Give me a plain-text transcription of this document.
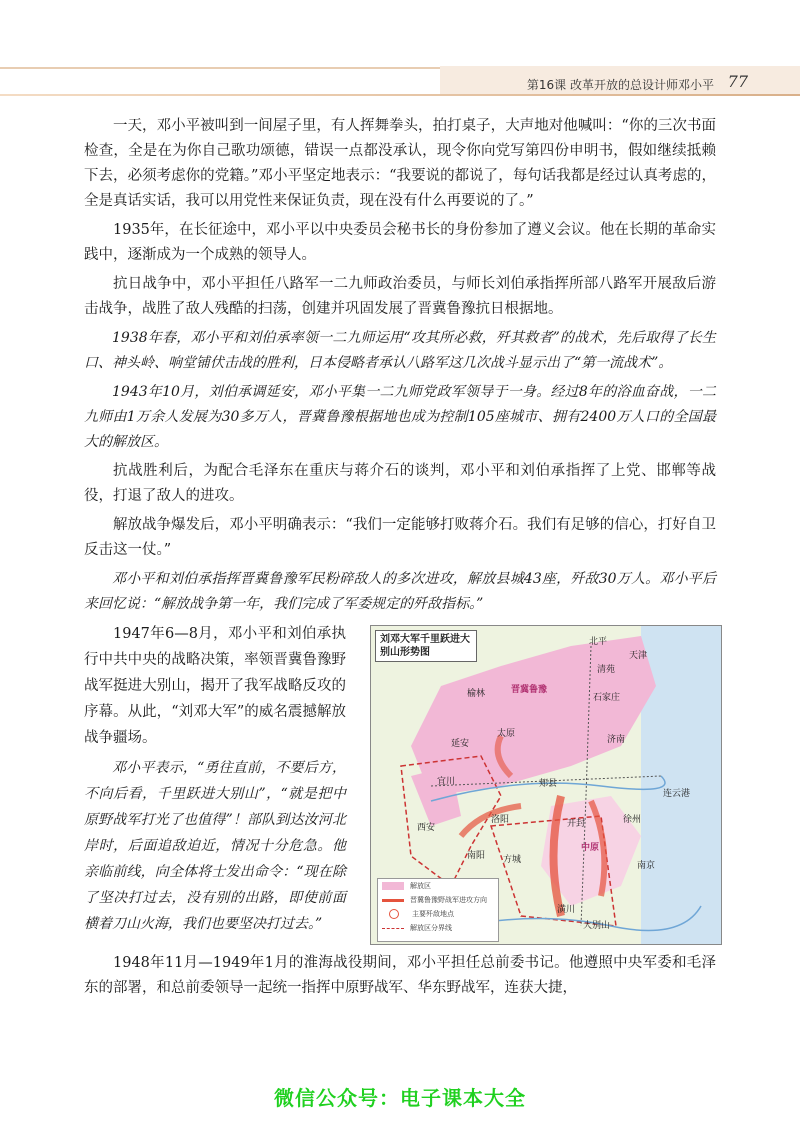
第16课 改革开放的总设计师邓小平 77

一天，邓小平被叫到一间屋子里，有人挥舞拳头，拍打桌子，大声地对他喊叫：“你的三次书面检查，全是在为你自己歌功颂德，错误一点都没承认，现令你向党写第四份申明书，假如继续抵赖下去，必须考虑你的党籍。”邓小平坚定地表示：“我要说的都说了，每句话我都是经过认真考虑的，全是真话实话，我可以用党性来保证负责，现在没有什么再要说的了。”

1935年，在长征途中，邓小平以中央委员会秘书长的身份参加了遵义会议。他在长期的革命实践中，逐渐成为一个成熟的领导人。

抗日战争中，邓小平担任八路军一二九师政治委员，与师长刘伯承指挥所部八路军开展敌后游击战争，战胜了敌人残酷的扫荡，创建并巩固发展了晋冀鲁豫抗日根据地。

1938年春，邓小平和刘伯承率领一二九师运用“攻其所必救，歼其救者”的战术，先后取得了长生口、神头岭、响堂铺伏击战的胜利，日本侵略者承认八路军这几次战斗显示出了“第一流战术”。

1943年10月，刘伯承调延安，邓小平集一二九师党政军领导于一身。经过8年的浴血奋战，一二九师由1万余人发展为30多万人，晋冀鲁豫根据地也成为控制105座城市、拥有2400万人口的全国最大的解放区。

抗战胜利后，为配合毛泽东在重庆与蒋介石的谈判，邓小平和刘伯承指挥了上党、邯郸等战役，打退了敌人的进攻。

解放战争爆发后，邓小平明确表示：“我们一定能够打败蒋介石。我们有足够的信心，打好自卫反击这一仗。”

邓小平和刘伯承指挥晋冀鲁豫军民粉碎敌人的多次进攻，解放县城43座，歼敌30万人。邓小平后来回忆说：“解放战争第一年，我们完成了军委规定的歼敌指标。”

1947年6—8月，邓小平和刘伯承执行中共中央的战略决策，率领晋冀鲁豫野战军挺进大别山，揭开了我军战略反攻的序幕。从此，“刘邓大军”的威名震撼解放战争疆场。

邓小平表示，“勇往直前，不要后方，不向后看，千里跃进大别山”，“就是把中原野战军打光了也值得”！部队到达汝河北岸时，后面追敌迫近，情况十分危急。他亲临前线，向全体将士发出命令：“现在除了坚决打过去，没有别的出路，即使前面横着刀山火海，我们也要坚决打过去。”

刘邓大军千里跃进大别山形势图
北平
天津
清苑
石家庄
榆林
太原
济南
延安
宜川
开封	徐州
连云港
西安
洛阳
南阳 方城
南京
潢川
郏县
大别山
晋冀鲁豫
中原
解放区
晋冀鲁豫野战军进攻方向
主要歼敌地点
解放区分界线

1948年11月—1949年1月的淮海战役期间，邓小平担任总前委书记。他遵照中央军委和毛泽东的部署，和总前委领导一起统一指挥中原野战军、华东野战军，连获大捷，

微信公众号：电子课本大全
